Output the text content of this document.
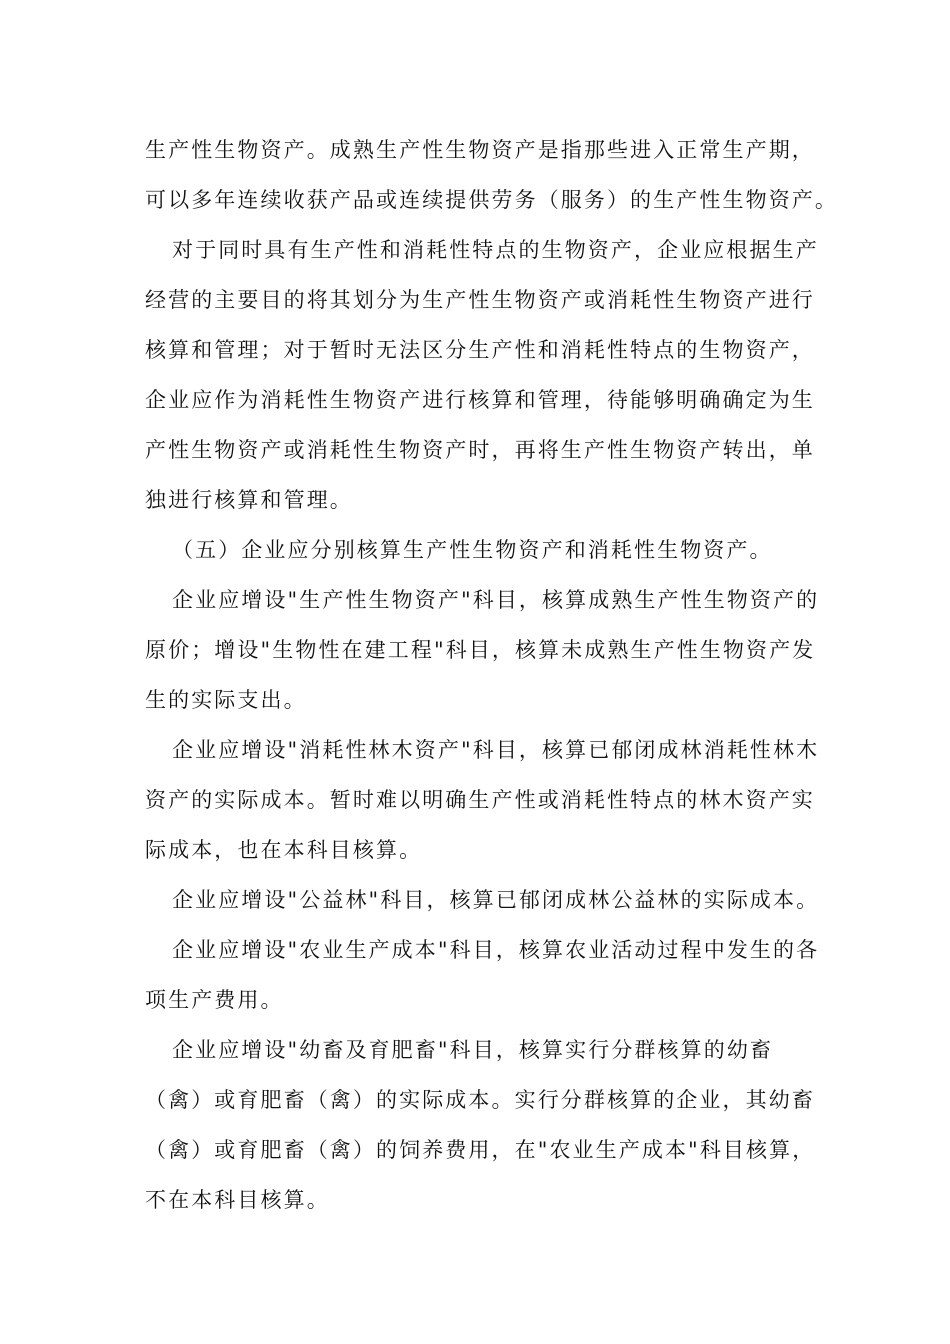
生产性生物资产。成熟生产性生物资产是指那些进入正常生产期，
可以多年连续收获产品或连续提供劳务（服务）的生产性生物资产。
对于同时具有生产性和消耗性特点的生物资产，企业应根据生产
经营的主要目的将其划分为生产性生物资产或消耗性生物资产进行
核算和管理；对于暂时无法区分生产性和消耗性特点的生物资产，
企业应作为消耗性生物资产进行核算和管理，待能够明确确定为生
产性生物资产或消耗性生物资产时，再将生产性生物资产转出，单
独进行核算和管理。
（五）企业应分别核算生产性生物资产和消耗性生物资产。
企业应增设"生产性生物资产"科目，核算成熟生产性生物资产的
原价；增设"生物性在建工程"科目，核算未成熟生产性生物资产发
生的实际支出。
企业应增设"消耗性林木资产"科目，核算已郁闭成林消耗性林木
资产的实际成本。暂时难以明确生产性或消耗性特点的林木资产实
际成本，也在本科目核算。
企业应增设"公益林"科目，核算已郁闭成林公益林的实际成本。
企业应增设"农业生产成本"科目，核算农业活动过程中发生的各
项生产费用。
企业应增设"幼畜及育肥畜"科目，核算实行分群核算的幼畜
（禽）或育肥畜（禽）的实际成本。实行分群核算的企业，其幼畜
（禽）或育肥畜（禽）的饲养费用，在"农业生产成本"科目核算，
不在本科目核算。
